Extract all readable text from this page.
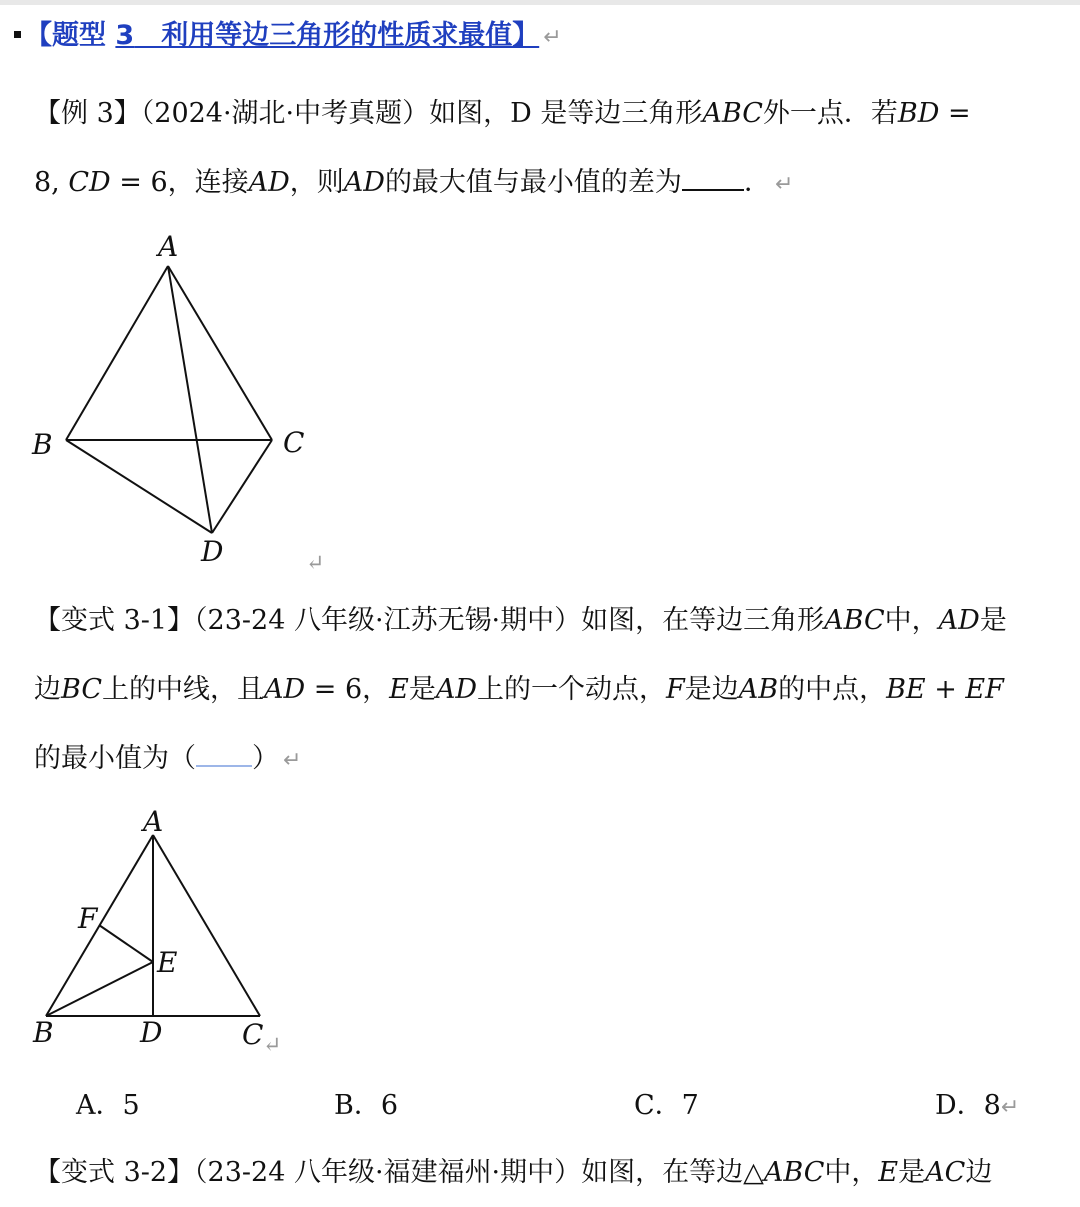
【题型 3　利用等边三角形的性质求最值】 ↵
【例 3】（2024·湖北·中考真题）如图，D 是等边三角形ABC外一点．若BD =
8, CD = 6，连接AD，则AD的最大值与最小值的差为 ． ↵
A
B	C
D	↵
【变式 3-1】（23-24 八年级·江苏无锡·期中）如图，在等边三角形ABC中，AD是
边BC上的中线，且AD = 6，E是AD上的一个动点，F是边AB的中点，BE + EF
的最小值为（ ） ↵
A
F
E
B	D	C ↵
A．5	B．6	C．7	D．8↵
【变式 3-2】（23-24 八年级·福建福州·期中）如图，在等边△ABC中，E是AC边
